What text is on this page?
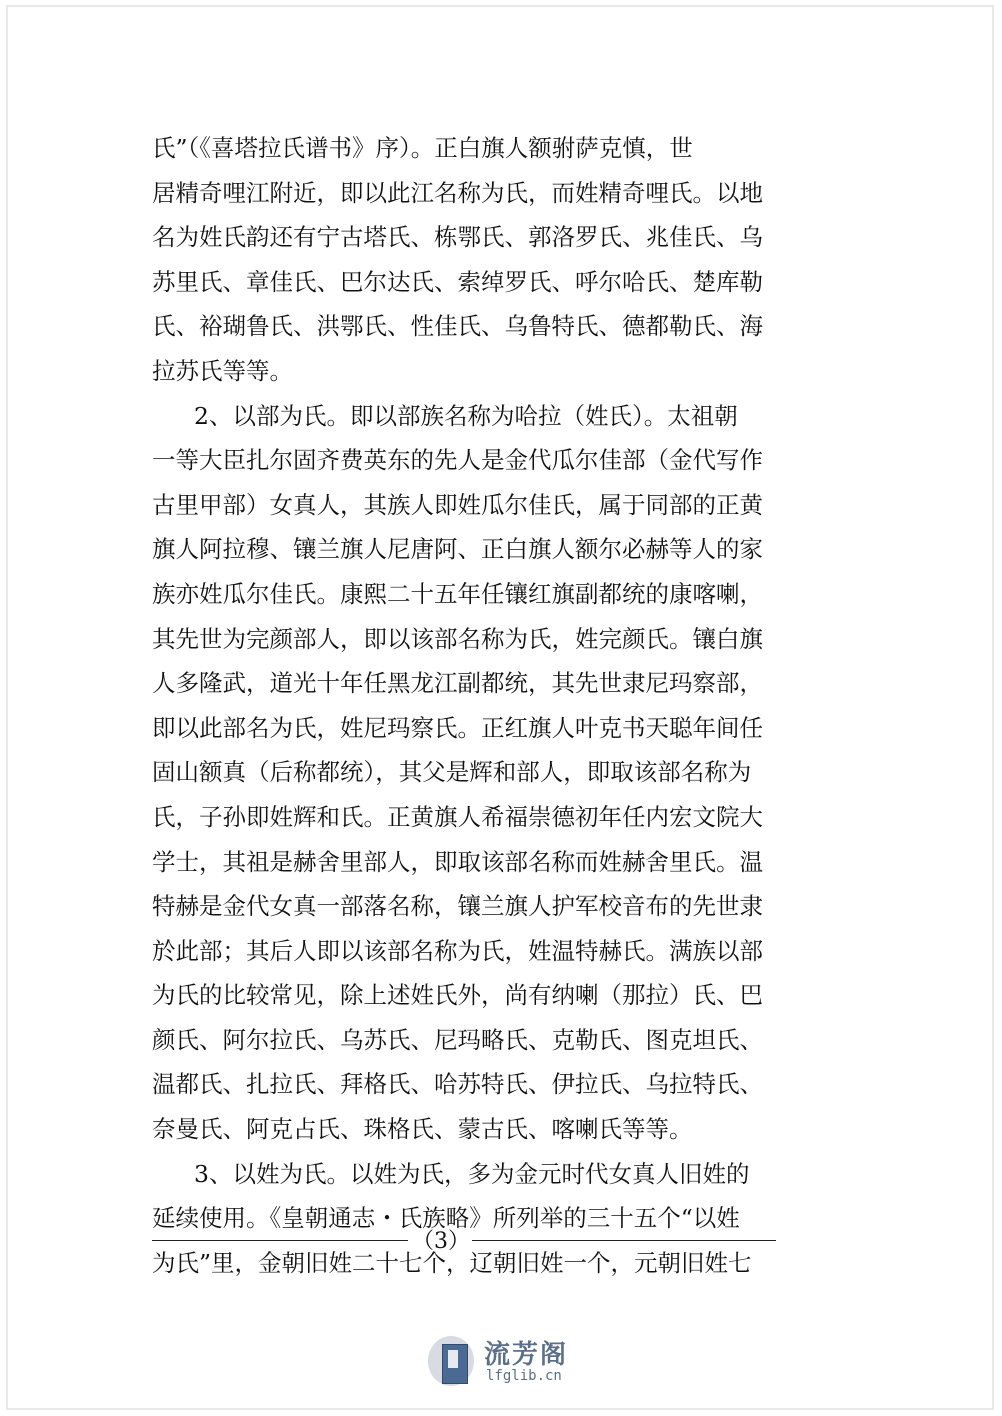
氏”（《喜塔拉氏谱书》序）。正白旗人额驸萨克慎，世
居精奇哩江附近，即以此江名称为氏，而姓精奇哩氏。以地
名为姓氏韵还有宁古塔氏、栋鄂氏、郭洛罗氏、兆佳氏、乌
苏里氏、章佳氏、巴尔达氏、索绰罗氏、呼尔哈氏、楚库勒
氏、裕瑚鲁氏、洪鄂氏、性佳氏、乌鲁特氏、德都勒氏、海
拉苏氏等等。
2、以部为氏。即以部族名称为哈拉（姓氏）。太祖朝
一等大臣扎尔固齐费英东的先人是金代瓜尔佳部（金代写作
古里甲部）女真人，其族人即姓瓜尔佳氏，属于同部的正黄
旗人阿拉穆、镶兰旗人尼唐阿、正白旗人额尔必赫等人的家
族亦姓瓜尔佳氏。康熙二十五年任镶红旗副都统的康喀喇，
其先世为完颜部人，即以该部名称为氏，姓完颜氏。镶白旗
人多隆武，道光十年任黑龙江副都统，其先世隶尼玛察部，
即以此部名为氏，姓尼玛察氏。正红旗人叶克书天聪年间任
固山额真（后称都统），其父是辉和部人，即取该部名称为
氏，子孙即姓辉和氏。正黄旗人希福崇德初年任内宏文院大
学士，其祖是赫舍里部人，即取该部名称而姓赫舍里氏。温
特赫是金代女真一部落名称，镶兰旗人护军校音布的先世隶
於此部；其后人即以该部名称为氏，姓温特赫氏。满族以部
为氏的比较常见，除上述姓氏外，尚有纳喇（那拉）氏、巴
颜氏、阿尔拉氏、乌苏氏、尼玛略氏、克勒氏、图克坦氏、
温都氏、扎拉氏、拜格氏、哈苏特氏、伊拉氏、乌拉特氏、
奈曼氏、阿克占氏、珠格氏、蒙古氏、喀喇氏等等。
3、以姓为氏。以姓为氏，多为金元时代女真人旧姓的
延续使用。《皇朝通志・氏族略》所列举的三十五个“以姓
为氏”里，金朝旧姓二十七个，辽朝旧姓一个，元朝旧姓七
（3）
流芳阁
lfglib.cn
